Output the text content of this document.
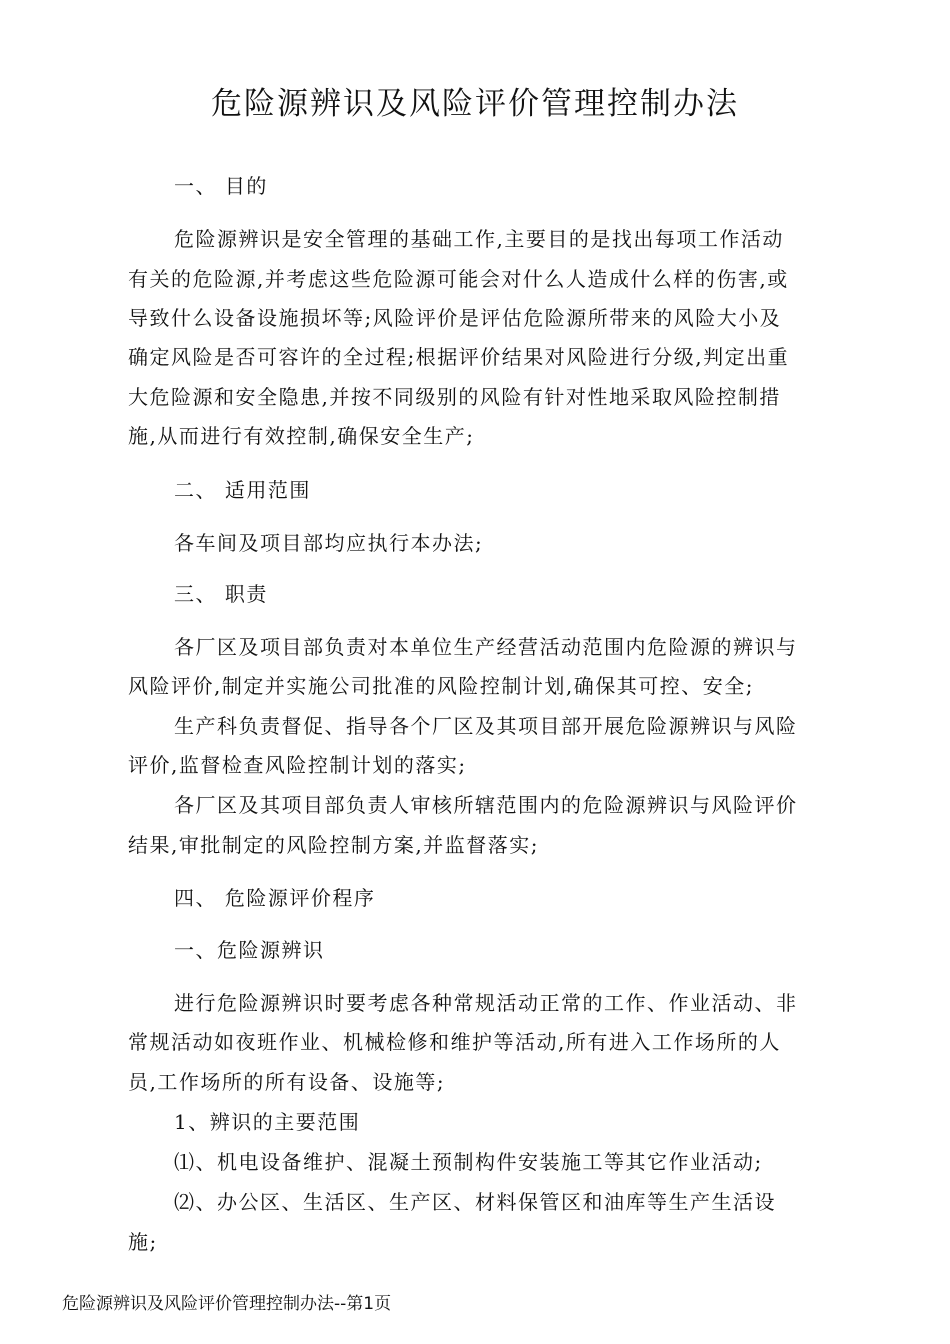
危险源辨识及风险评价管理控制办法
一、 目的
危险源辨识是安全管理的基础工作,主要目的是找出每项工作活动
有关的危险源,并考虑这些危险源可能会对什么人造成什么样的伤害,或
导致什么设备设施损坏等;风险评价是评估危险源所带来的风险大小及
确定风险是否可容许的全过程;根据评价结果对风险进行分级,判定出重
大危险源和安全隐患,并按不同级别的风险有针对性地采取风险控制措
施,从而进行有效控制,确保安全生产;
二、 适用范围
各车间及项目部均应执行本办法;
三、 职责
各厂区及项目部负责对本单位生产经营活动范围内危险源的辨识与
风险评价,制定并实施公司批准的风险控制计划,确保其可控、安全;
生产科负责督促、指导各个厂区及其项目部开展危险源辨识与风险
评价,监督检查风险控制计划的落实;
各厂区及其项目部负责人审核所辖范围内的危险源辨识与风险评价
结果,审批制定的风险控制方案,并监督落实;
四、 危险源评价程序
一、危险源辨识
进行危险源辨识时要考虑各种常规活动正常的工作、作业活动、非
常规活动如夜班作业、机械检修和维护等活动,所有进入工作场所的人
员,工作场所的所有设备、设施等;
1、辨识的主要范围
⑴、机电设备维护、混凝土预制构件安装施工等其它作业活动;
⑵、办公区、生活区、生产区、材料保管区和油库等生产生活设
施;
危险源辨识及风险评价管理控制办法--第1页
